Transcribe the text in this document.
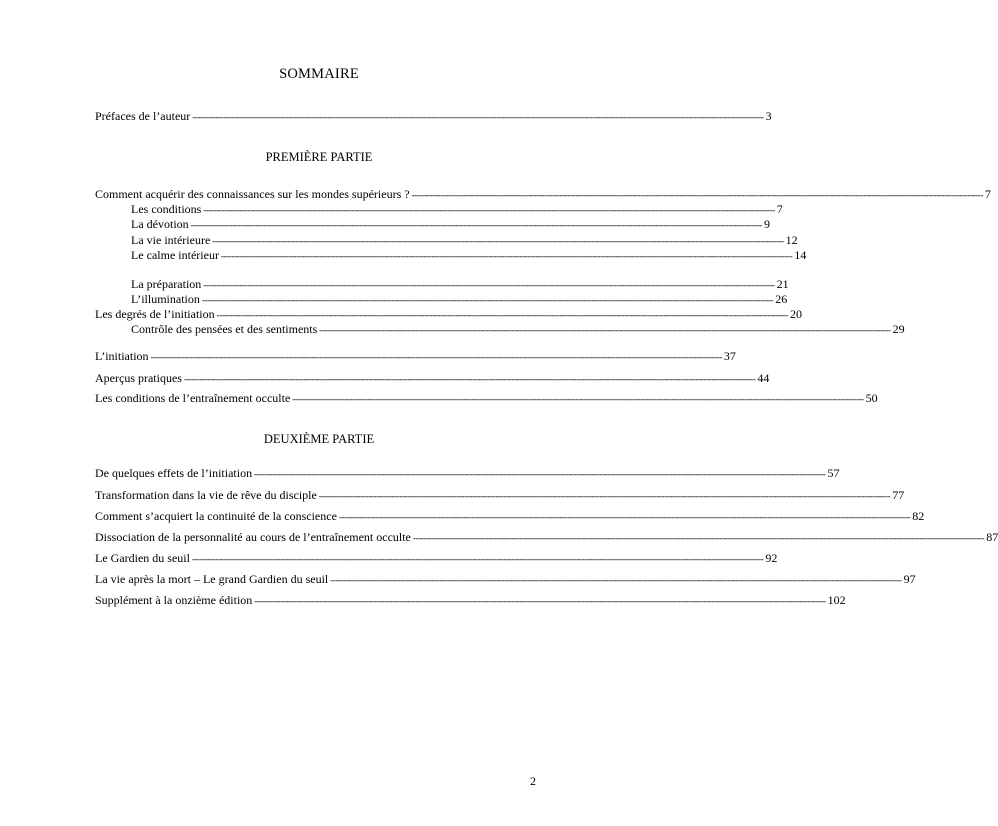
SOMMAIRE
Préfaces de l’auteur ---------------------------------------------------------------------------------------------------------------------------------------------------------------------------------------------------------------------------- 3
PREMIÈRE PARTIE
Comment acquérir des connaissances sur les mondes supérieurs ? ---------------------------------------------------------------------------------------------------------------------------------------------------------------------------------------------------------------------------- 7
Les conditions ---------------------------------------------------------------------------------------------------------------------------------------------------------------------------------------------------------------------------- 7
La dévotion ---------------------------------------------------------------------------------------------------------------------------------------------------------------------------------------------------------------------------- 9
La vie intérieure ---------------------------------------------------------------------------------------------------------------------------------------------------------------------------------------------------------------------------- 12
Le calme intérieur ---------------------------------------------------------------------------------------------------------------------------------------------------------------------------------------------------------------------------- 14
La préparation ---------------------------------------------------------------------------------------------------------------------------------------------------------------------------------------------------------------------------- 21
L’illumination ---------------------------------------------------------------------------------------------------------------------------------------------------------------------------------------------------------------------------- 26
Les degrés de l’initiation ---------------------------------------------------------------------------------------------------------------------------------------------------------------------------------------------------------------------------- 20
Contrôle des pensées et des sentiments ---------------------------------------------------------------------------------------------------------------------------------------------------------------------------------------------------------------------------- 29
L’initiation ---------------------------------------------------------------------------------------------------------------------------------------------------------------------------------------------------------------------------- 37
Aperçus pratiques ---------------------------------------------------------------------------------------------------------------------------------------------------------------------------------------------------------------------------- 44
Les conditions de l’entraînement occulte ---------------------------------------------------------------------------------------------------------------------------------------------------------------------------------------------------------------------------- 50
DEUXIÈME PARTIE
De quelques effets de l’initiation ---------------------------------------------------------------------------------------------------------------------------------------------------------------------------------------------------------------------------- 57
Transformation dans la vie de rêve du disciple ---------------------------------------------------------------------------------------------------------------------------------------------------------------------------------------------------------------------------- 77
Comment s’acquiert la continuité de la conscience ---------------------------------------------------------------------------------------------------------------------------------------------------------------------------------------------------------------------------- 82
Dissociation de la personnalité au cours de l’entraînement occulte ---------------------------------------------------------------------------------------------------------------------------------------------------------------------------------------------------------------------------- 87
Le Gardien du seuil ---------------------------------------------------------------------------------------------------------------------------------------------------------------------------------------------------------------------------- 92
La vie après la mort – Le grand Gardien du seuil ---------------------------------------------------------------------------------------------------------------------------------------------------------------------------------------------------------------------------- 97
Supplément à la onzième édition ---------------------------------------------------------------------------------------------------------------------------------------------------------------------------------------------------------------------------- 102
2
